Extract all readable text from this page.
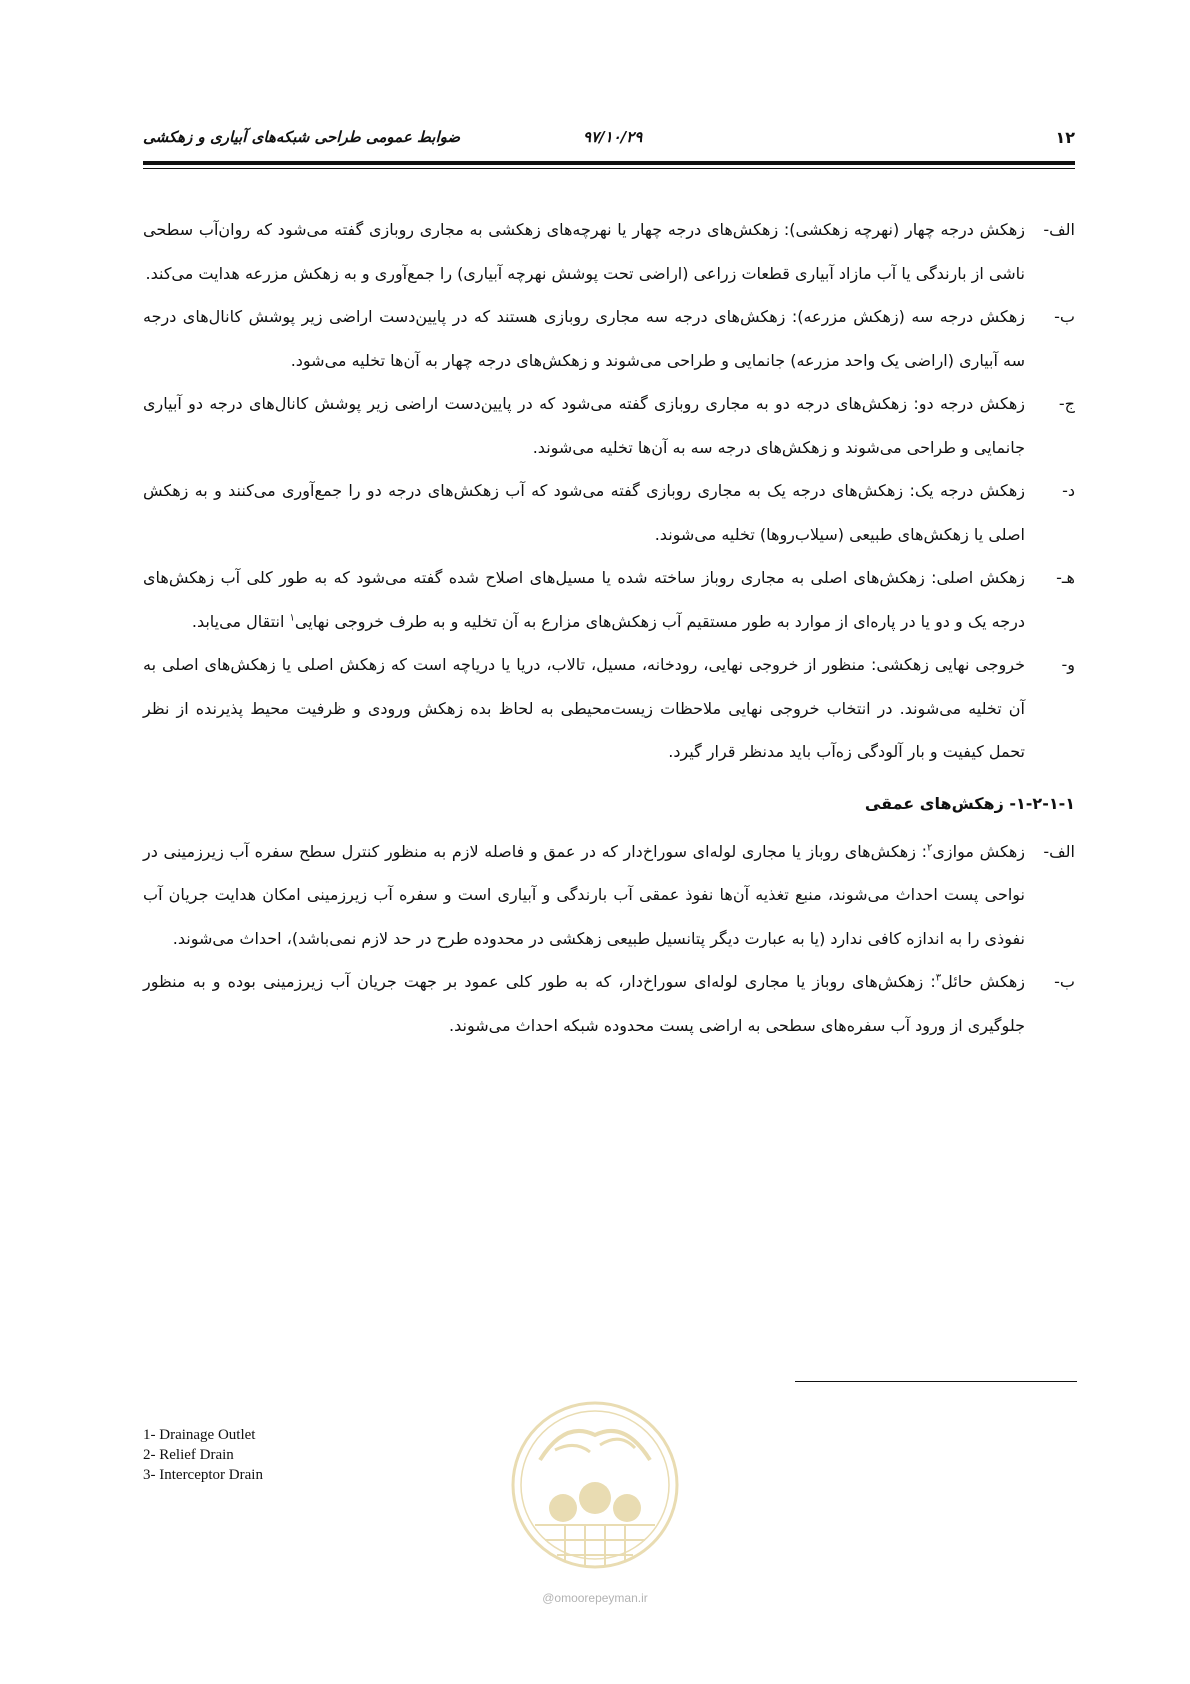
۱۲
۹۷/۱۰/۲۹
ضوابط عمومی طراحی شبکه‌های آبیاری و زهکشی
الف-
زهکش درجه چهار (نهرچه زهکشی): زهکش‌های درجه چهار یا نهرچه‌های زهکشی به مجاری روبازی گفته می‌شود که روان‌آب سطحی ناشی از بارندگی یا آب مازاد آبیاری قطعات زراعی (اراضی تحت پوشش نهرچه آبیاری) را جمع‌آوری و به زهکش مزرعه هدایت می‌کند.
ب-
زهکش درجه سه (زهکش مزرعه): زهکش‌های درجه سه مجاری روبازی هستند که در پایین‌دست اراضی زیر پوشش کانال‌های درجه سه آبیاری (اراضی یک واحد مزرعه) جانمایی و طراحی می‌شوند و زهکش‌های درجه چهار به آن‌ها تخلیه می‌شود.
ج-
زهکش درجه دو: زهکش‌های درجه دو به مجاری روبازی گفته می‌شود که در پایین‌دست اراضی زیر پوشش کانال‌های درجه دو آبیاری جانمایی و طراحی می‌شوند و زهکش‌های درجه سه به آن‌ها تخلیه می‌شوند.
د-
زهکش درجه یک: زهکش‌های درجه یک به مجاری روبازی گفته می‌شود که آب زهکش‌های درجه دو را جمع‌آوری می‌کنند و به زهکش اصلی یا زهکش‌های طبیعی (سیلاب‌روها) تخلیه می‌شوند.
هـ-
زهکش اصلی: زهکش‌های اصلی به مجاری روباز ساخته شده یا مسیل‌های اصلاح شده گفته می‌شود که به طور کلی آب زهکش‌های درجه یک و دو یا در پاره‌ای از موارد به طور مستقیم آب زهکش‌های مزارع به آن تخلیه و به طرف خروجی نهایی$^۱$ انتقال می‌یابد.
و-
خروجی نهایی زهکشی: منظور از خروجی نهایی، رودخانه، مسیل، تالاب، دریا یا دریاچه است که زهکش اصلی یا زهکش‌های اصلی به آن تخلیه می‌شوند. در انتخاب خروجی نهایی ملاحظات زیست‌محیطی به لحاظ بده زهکش ورودی و ظرفیت محیط پذیرنده از نظر تحمل کیفیت و بار آلودگی زه‌آب باید مدنظر قرار گیرد.
۱-۲-۱-۱- زهکش‌های عمقی
الف-
زهکش موازی$^۲$: زهکش‌های روباز یا مجاری لوله‌ای سوراخ‌دار که در عمق و فاصله لازم به منظور کنترل سطح سفره آب زیرزمینی در نواحی پست احداث می‌شوند، منبع تغذیه آن‌ها نفوذ عمقی آب بارندگی و آبیاری است و سفره آب زیرزمینی امکان هدایت جریان آب نفوذی را به اندازه کافی ندارد (یا به عبارت دیگر پتانسیل طبیعی زهکشی در محدوده طرح در حد لازم نمی‌باشد)، احداث می‌شوند.
ب-
زهکش حائل$^۳$: زهکش‌های روباز یا مجاری لوله‌ای سوراخ‌دار، که به طور کلی عمود بر جهت جریان آب زیرزمینی بوده و به منظور جلوگیری از ورود آب سفره‌های سطحی به اراضی پست محدوده شبکه احداث می‌شوند.
1- Drainage Outlet
2- Relief Drain
3- Interceptor Drain
@omoorepeyman.ir
